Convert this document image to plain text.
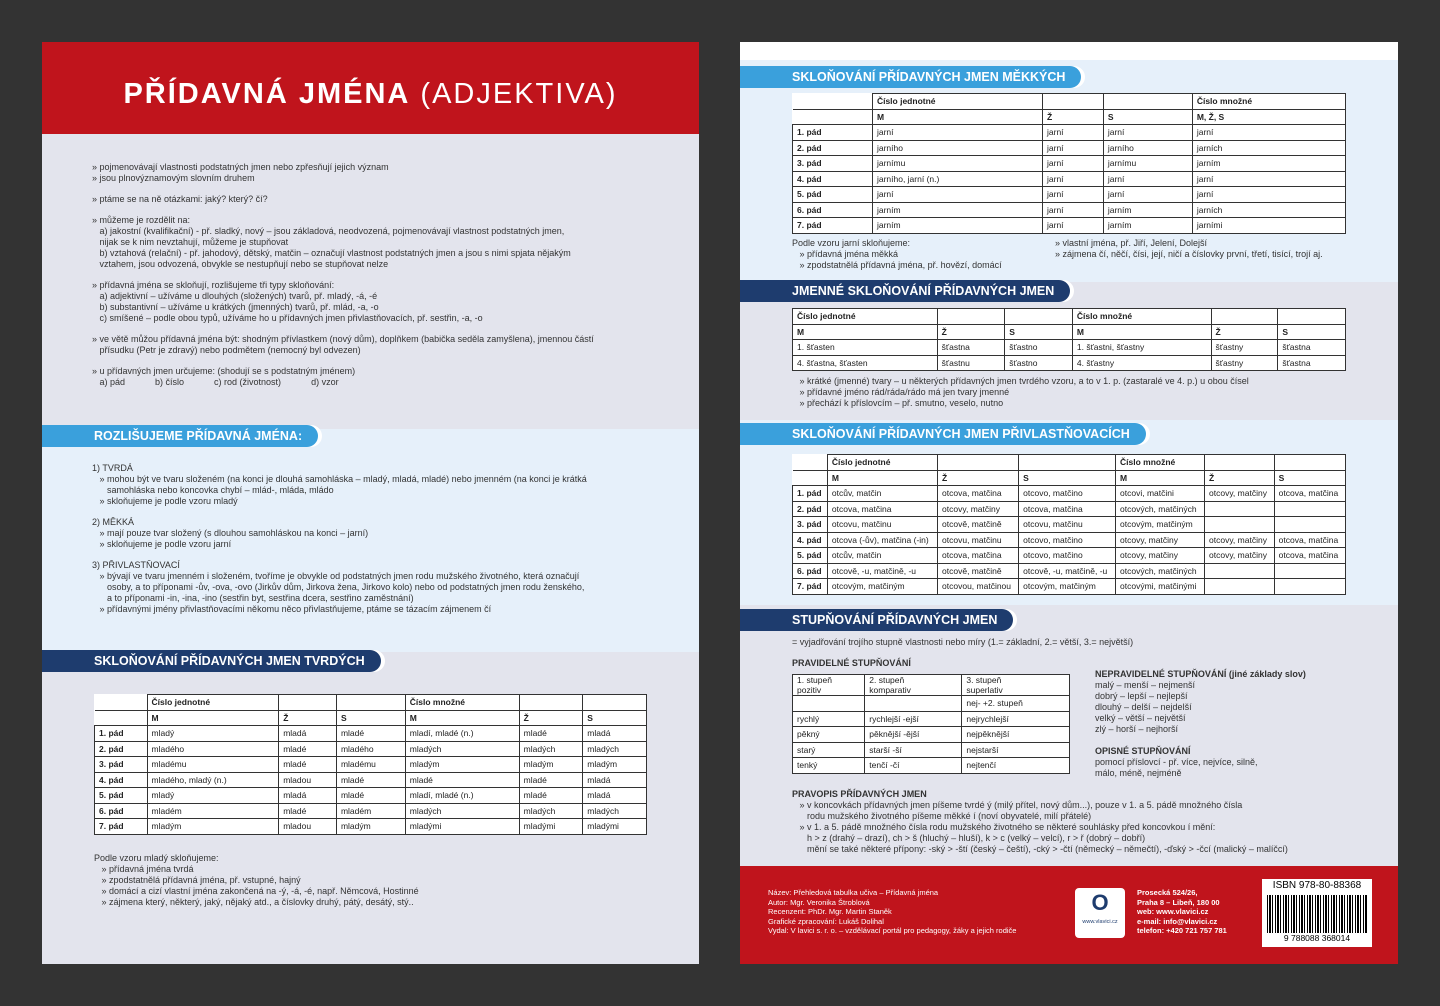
PŘÍDAVNÁ JMÉNA (ADJEKTIVA)

» pojmenovávají vlastnosti podstatných jmen nebo zpřesňují jejich význam

» jsou plnovýznamovým slovním druhem

» ptáme se na ně otázkami: jaký? který? čí?

» můžeme je rozdělit na:

a) jakostní (kvalifikační) - př. sladký, nový – jsou základová, neodvozená, pojmenovávají vlastnost podstatných jmen,

nijak se k nim nevztahují, můžeme je stupňovat

b) vztahová (relační) - př. jahodový, dětský, matčin – označují vlastnost podstatných jmen a jsou s nimi spjata nějakým

vztahem, jsou odvozená, obvykle se nestupňují nebo se stupňovat nelze

» přídavná jména se skloňují, rozlišujeme tři typy skloňování:

a) adjektivní – užíváme u dlouhých (složených) tvarů, př. mladý, -á, -é

b) substantivní – užíváme u krátkých (jmenných) tvarů, př. mlád, -a, -o

c) smíšené – podle obou typů, užíváme ho u přídavných jmen přivlastňovacích, př. sestřin, -a, -o

» ve větě můžou přídavná jména být: shodným přívlastkem (nový dům), doplňkem (babička seděla zamyšlena), jmennou částí

přísudku (Petr je zdravý) nebo podmětem (nemocný byl odvezen)

» u přídavných jmen určujeme: (shodují se s podstatným jménem)

a) pád            b) číslo            c) rod (životnost)            d) vzor

ROZLIŠUJEME PŘÍDAVNÁ JMÉNA:

1) TVRDÁ

» mohou být ve tvaru složeném (na konci je dlouhá samohláska – mladý, mladá, mladé) nebo jmenném (na konci je krátká

samohláska nebo koncovka chybí – mlád-, mláda, mládo

» skloňujeme je podle vzoru mladý

2) MĚKKÁ

» mají pouze tvar složený (s dlouhou samohláskou na konci – jarní)

» skloňujeme je podle vzoru jarní

3) PŘIVLASTŇOVACÍ

» bývají ve tvaru jmenném i složeném, tvoříme je obvykle od podstatných jmen rodu mužského životného, která označují

osoby, a to příponami -ův, -ova, -ovo (Jirkův dům, Jirkova žena, Jirkovo kolo) nebo od podstatných jmen rodu ženského,

a to příponami -in, -ina, -ino (sestřin byt, sestřina dcera, sestřino zaměstnání)

» přídavnými jmény přivlastňovacími někomu něco přivlastňujeme, ptáme se tázacím zájmenem čí

SKLOŇOVÁNÍ PŘÍDAVNÝCH JMEN TVRDÝCH
	Číslo jednotné			Číslo množné		
	M	Ž	S	M	Ž	S
1. pád	mladý	mladá	mladé	mladí, mladé (n.)	mladé	mladá
2. pád	mladého	mladé	mladého	mladých	mladých	mladých
3. pád	mladému	mladé	mladému	mladým	mladým	mladým
4. pád	mladého, mladý (n.)	mladou	mladé	mladé	mladé	mladá
5. pád	mladý	mladá	mladé	mladí, mladé (n.)	mladé	mladá
6. pád	mladém	mladé	mladém	mladých	mladých	mladých
7. pád	mladým	mladou	mladým	mladými	mladými	mladými

Podle vzoru mladý skloňujeme:

» přídavná jména tvrdá

» zpodstatnělá přídavná jména, př. vstupné, hajný

» domácí a cizí vlastní jména zakončená na -ý, -á, -é, např. Němcová, Hostinné

» zájmena který, některý, jaký, nějaký atd., a číslovky druhý, pátý, desátý, stý..

SKLOŇOVÁNÍ PŘÍDAVNÝCH JMEN MĚKKÝCH
	Číslo jednotné			Číslo množné
	M	Ž	S	M, Ž, S
1. pád	jarní	jarní	jarní	jarní
2. pád	jarního	jarní	jarního	jarních
3. pád	jarnímu	jarní	jarnímu	jarním
4. pád	jarního, jarní (n.)	jarní	jarní	jarní
5. pád	jarní	jarní	jarní	jarní
6. pád	jarním	jarní	jarním	jarních
7. pád	jarním	jarní	jarním	jarními

Podle vzoru jarní skloňujeme:

» přídavná jména měkká

» zpodstatnělá přídavná jména, př. hovězí, domácí

» vlastní jména, př. Jiří, Jelení, Dolejší

» zájmena čí, něčí, čísi, její, ničí a číslovky první, třetí, tisící, trojí aj.

JMENNÉ SKLOŇOVÁNÍ PŘÍDAVNÝCH JMEN
Číslo jednotné			Číslo množné		
M	Ž	S	M	Ž	S
1. šťasten	šťastna	šťastno	1. šťastni, šťastny	šťastny	šťastna
4. šťastna, šťasten	šťastnu	šťastno	4. šťastny	šťastny	šťastna

» krátké (jmenné) tvary – u některých přídavných jmen tvrdého vzoru, a to v 1. p. (zastaralé ve 4. p.) u obou čísel

» přídavné jméno rád/ráda/rádo má jen tvary jmenné

» přechází k příslovcím – př. smutno, veselo, nutno

SKLOŇOVÁNÍ PŘÍDAVNÝCH JMEN PŘIVLASTŇOVACÍCH
	Číslo jednotné			Číslo množné		
	M	Ž	S	M	Ž	S
1. pád	otcův, matčin	otcova, matčina	otcovo, matčino	otcovi, matčini	otcovy, matčiny	otcova, matčina
2. pád	otcova, matčina	otcovy, matčiny	otcova, matčina	otcových, matčiných		
3. pád	otcovu, matčinu	otcově, matčině	otcovu, matčinu	otcovým, matčiným		
4. pád	otcova (-ův), matčina (-in)	otcovu, matčinu	otcovo, matčino	otcovy, matčiny	otcovy, matčiny	otcova, matčina
5. pád	otcův, matčin	otcova, matčina	otcovo, matčino	otcovy, matčiny	otcovy, matčiny	otcova, matčina
6. pád	otcově, -u, matčině, -u	otcově, matčině	otcově, -u, matčině, -u	otcových, matčiných		
7. pád	otcovým, matčiným	otcovou, matčinou	otcovým, matčiným	otcovými, matčinými		
STUPŇOVÁNÍ PŘÍDAVNÝCH JMEN
= vyjadřování trojího stupně vlastnosti nebo míry (1.= základní, 2.= větší, 3.= největší)
PRAVIDELNÉ STUPŇOVÁNÍ
1. stupeň
pozitiv	2. stupeň
komparativ	3. stupeň
superlativ
		nej- +2. stupeň
rychlý	rychlejší -ejší	nejrychlejší
pěkný	pěknější -ější	nejpěknější
starý	starší -ší	nejstarší
tenký	tenčí -čí	nejtenčí
NEPRAVIDELNÉ STUPŇOVÁNÍ (jiné základy slov)

malý – menší – nejmenší

dobrý – lepší – nejlepší

dlouhý – delší – nejdelší

velký – větší – největší

zlý – horší – nejhorší

OPISNÉ STUPŇOVÁNÍ

pomocí příslovcí - př. více, nejvíce, silně,

málo, méně, nejméně

PRAVOPIS PŘÍDAVNÝCH JMEN

» v koncovkách přídavných jmen píšeme tvrdé ý (milý přítel, nový dům...), pouze v 1. a 5. pádě množného čísla

rodu mužského životného píšeme měkké í (noví obyvatelé, milí přátelé)

» v 1. a 5. pádě množného čísla rodu mužského životného se některé souhlásky před koncovkou í mění:

h > z (drahý – drazí), ch > š (hluchý – hluší), k > c (velký – velcí), r > ř (dobrý – dobří)

mění se také některé přípony: -ský > -ští (český – čeští), -cký > -čtí (německý – němečtí), -ďský > -čcí (malický – malíčcí)

Název: Přehledová tabulka učiva – Přídavná jména

Autor: Mgr. Veronika Štroblová

Recenzent: PhDr. Mgr. Martin Staněk

Grafické zpracování: Lukáš Dolihal

Vydal: V lavici s. r. o. – vzdělávací portál pro pedagogy, žáky a jejich rodiče

O
www.vlavici.cz

Prosecká 524/26,

Praha 8 – Libeň, 180 00

web: www.vlavici.cz

e-mail: info@vlavici.cz

telefon: +420 721 757 781

ISBN 978-80-88368
9 788088 368014
